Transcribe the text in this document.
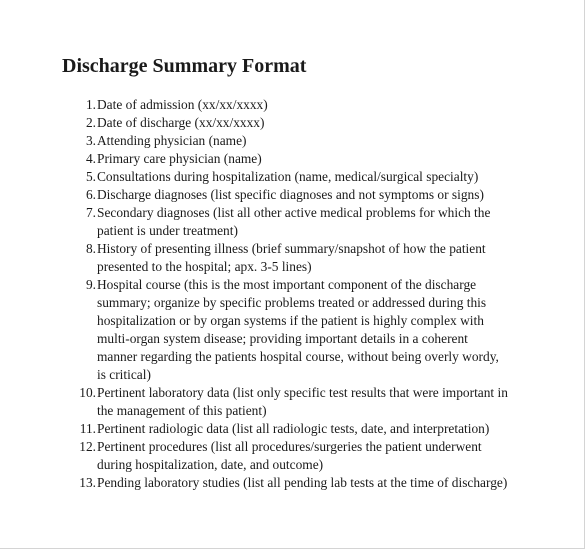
Discharge Summary Format
1. Date of admission (xx/xx/xxxx)
2. Date of discharge (xx/xx/xxxx)
3. Attending physician (name)
4. Primary care physician (name)
5. Consultations during hospitalization (name, medical/surgical specialty)
6. Discharge diagnoses (list specific diagnoses and not symptoms or signs)
7. Secondary diagnoses (list all other active medical problems for which the
patient is under treatment)
8. History of presenting illness (brief summary/snapshot of how the patient
presented to the hospital; apx. 3-5 lines)
9. Hospital course (this is the most important component of the discharge
summary; organize by specific problems treated or addressed during this
hospitalization or by organ systems if the patient is highly complex with
multi-organ system disease; providing important details in a coherent
manner regarding the patients hospital course, without being overly wordy,
is critical)
10. Pertinent laboratory data (list only specific test results that were important in
the management of this patient)
11. Pertinent radiologic data (list all radiologic tests, date, and interpretation)
12. Pertinent procedures (list all procedures/surgeries the patient underwent
during hospitalization, date, and outcome)
13. Pending laboratory studies (list all pending lab tests at the time of discharge)
